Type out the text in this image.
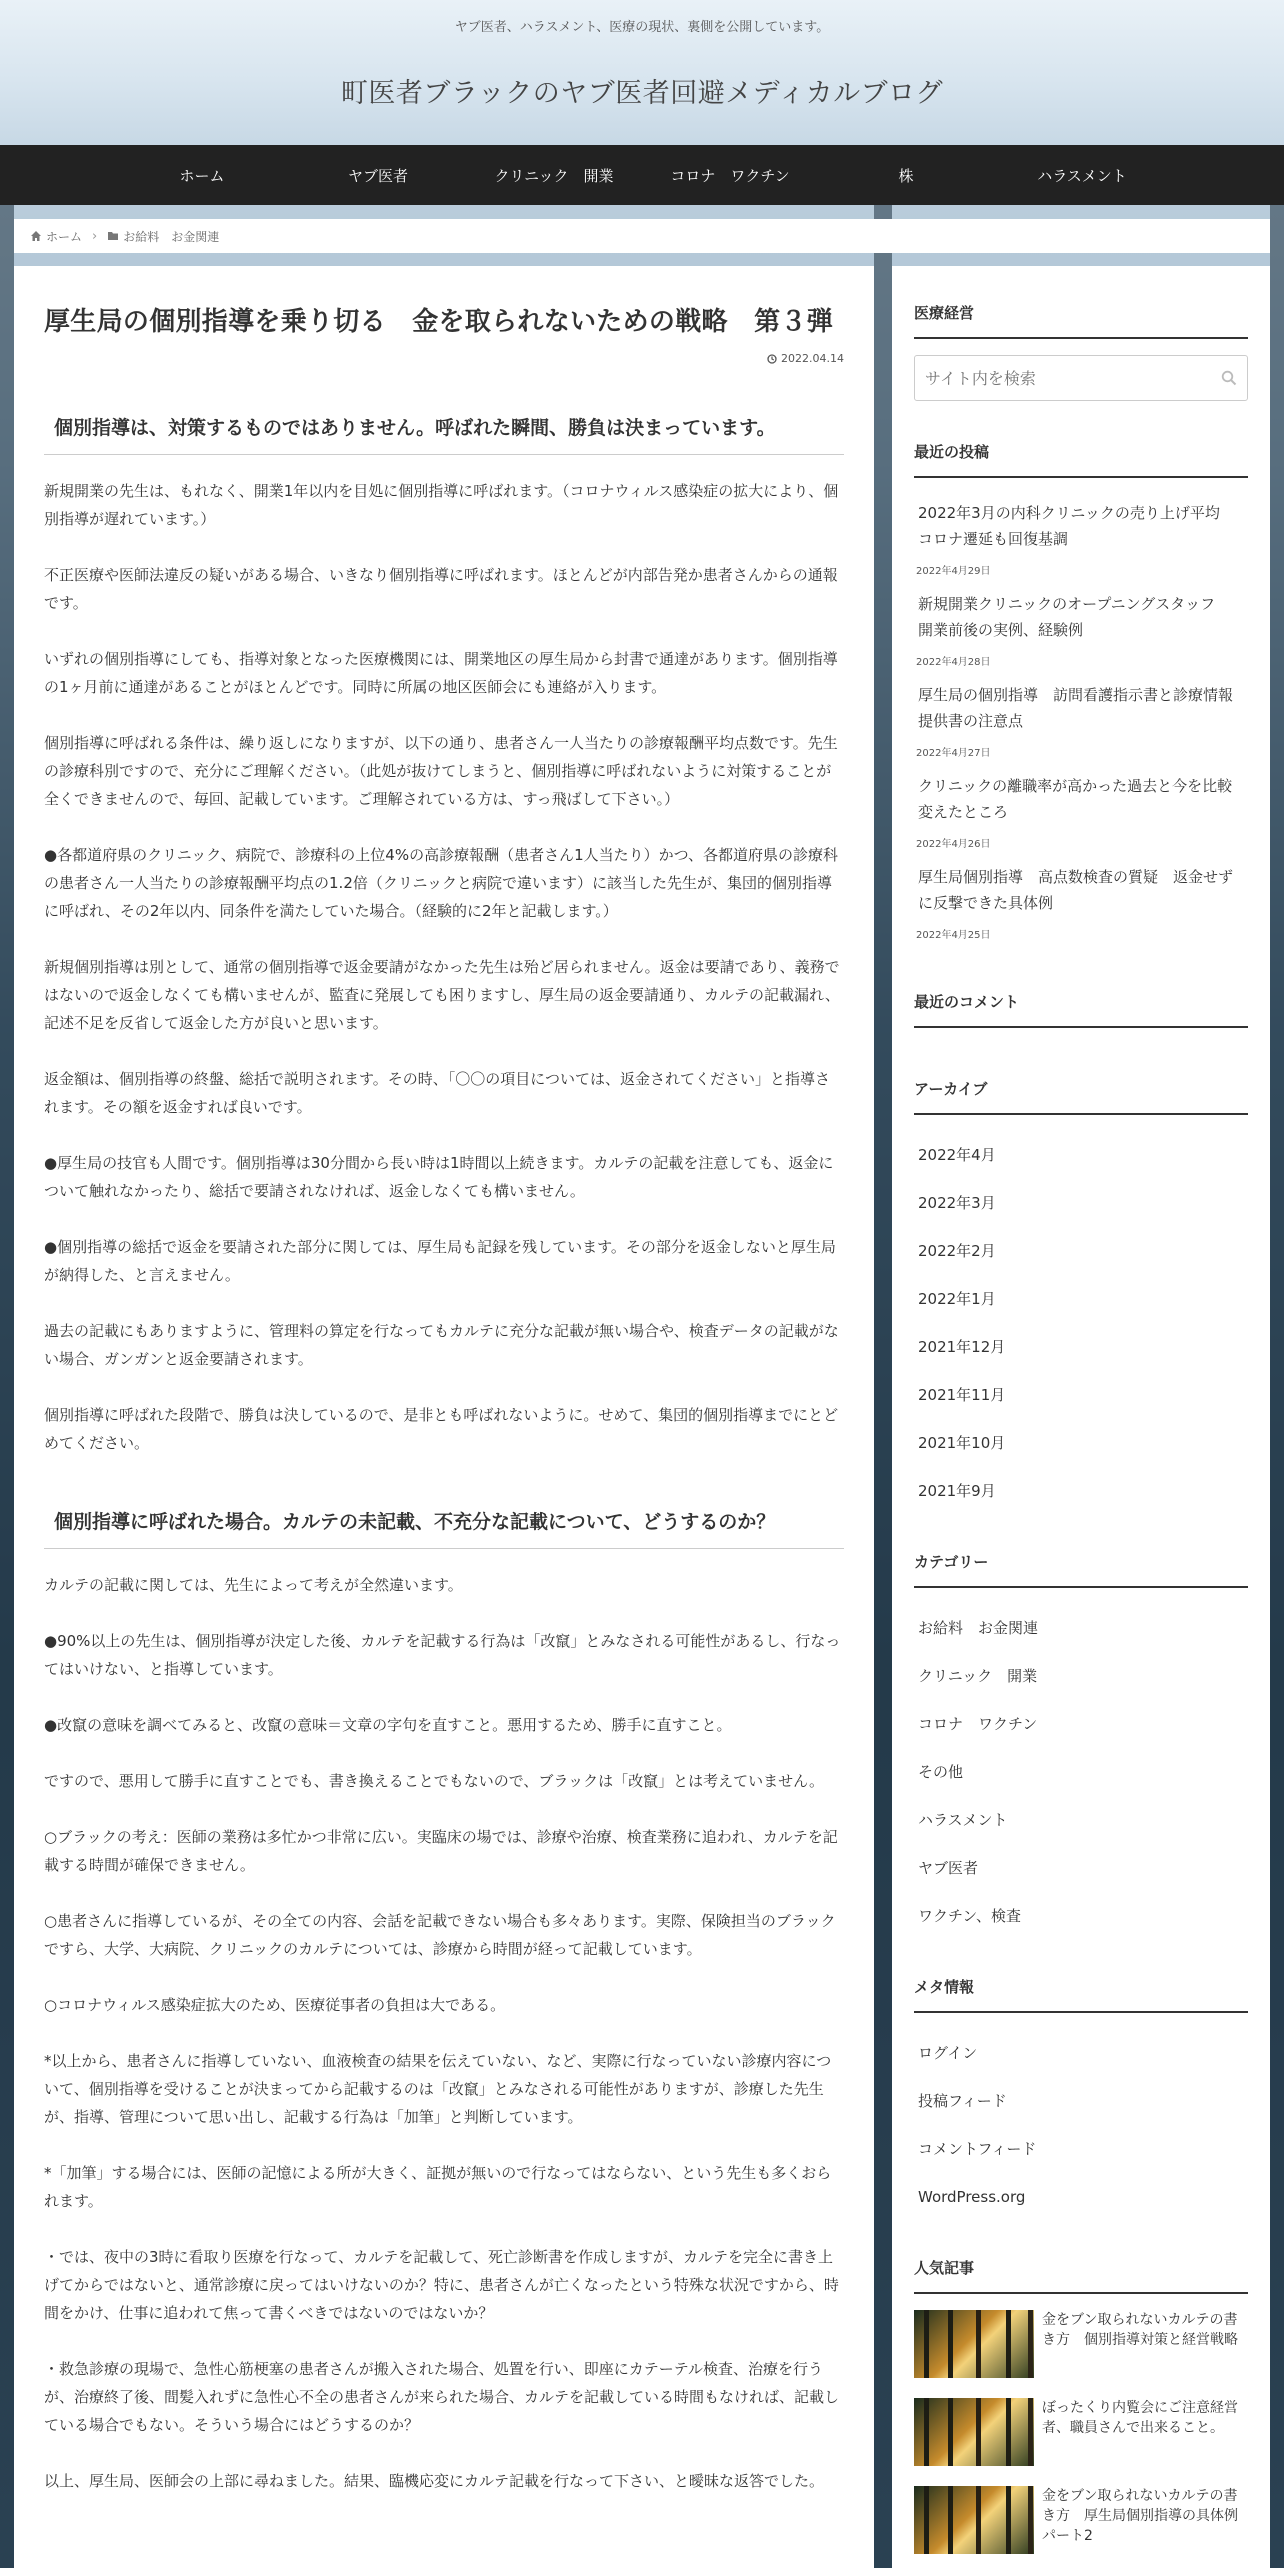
ヤブ医者、ハラスメント、医療の現状、裏側を公開しています。
町医者ブラックのヤブ医者回避メディカルブログ
ホーム	ヤブ医者	クリニック　開業	コロナ　ワクチン	株	ハラスメント
ホーム › お給料　お金関連
厚生局の個別指導を乗り切る　金を取られないための戦略　第３弾
2022.04.14
個別指導は、対策するものではありません。呼ばれた瞬間、勝負は決まっています。

新規開業の先生は、もれなく、開業1年以内を目処に個別指導に呼ばれます。（コロナウィルス感染症の拡大により、個別指導が遅れています。）

不正医療や医師法違反の疑いがある場合、いきなり個別指導に呼ばれます。ほとんどが内部告発か患者さんからの通報です。

いずれの個別指導にしても、指導対象となった医療機関には、開業地区の厚生局から封書で通達があります。個別指導の1ヶ月前に通達があることがほとんどです。同時に所属の地区医師会にも連絡が入ります。

個別指導に呼ばれる条件は、繰り返しになりますが、以下の通り、患者さん一人当たりの診療報酬平均点数です。先生の診療科別ですので、充分にご理解ください。（此処が抜けてしまうと、個別指導に呼ばれないように対策することが全くできませんので、毎回、記載しています。ご理解されている方は、すっ飛ばして下さい。）

●各都道府県のクリニック、病院で、診療科の上位4%の高診療報酬（患者さん1人当たり）かつ、各都道府県の診療科の患者さん一人当たりの診療報酬平均点の1.2倍（クリニックと病院で違います）に該当した先生が、集団的個別指導に呼ばれ、その2年以内、同条件を満たしていた場合。（経験的に2年と記載します。）

新規個別指導は別として、通常の個別指導で返金要請がなかった先生は殆ど居られません。返金は要請であり、義務ではないので返金しなくても構いませんが、監査に発展しても困りますし、厚生局の返金要請通り、カルテの記載漏れ、記述不足を反省して返金した方が良いと思います。

返金額は、個別指導の終盤、総括で説明されます。その時、「〇〇の項目については、返金されてください」と指導されます。その額を返金すれば良いです。

●厚生局の技官も人間です。個別指導は30分間から長い時は1時間以上続きます。カルテの記載を注意しても、返金について触れなかったり、総括で要請されなければ、返金しなくても構いません。

●個別指導の総括で返金を要請された部分に関しては、厚生局も記録を残しています。その部分を返金しないと厚生局が納得した、と言えません。

過去の記載にもありますように、管理料の算定を行なってもカルテに充分な記載が無い場合や、検査データの記載がない場合、ガンガンと返金要請されます。

個別指導に呼ばれた段階で、勝負は決しているので、是非とも呼ばれないように。せめて、集団的個別指導までにとどめてください。

個別指導に呼ばれた場合。カルテの未記載、不充分な記載について、どうするのか？

カルテの記載に関しては、先生によって考えが全然違います。

●90%以上の先生は、個別指導が決定した後、カルテを記載する行為は「改竄」とみなされる可能性があるし、行なってはいけない、と指導しています。

●改竄の意味を調べてみると、改竄の意味＝文章の字句を直すこと。悪用するため、勝手に直すこと。

ですので、悪用して勝手に直すことでも、書き換えることでもないので、ブラックは「改竄」とは考えていません。

○ブラックの考え：医師の業務は多忙かつ非常に広い。実臨床の場では、診療や治療、検査業務に追われ、カルテを記載する時間が確保できません。

○患者さんに指導しているが、その全ての内容、会話を記載できない場合も多々あります。実際、保険担当のブラックですら、大学、大病院、クリニックのカルテについては、診療から時間が経って記載しています。

○コロナウィルス感染症拡大のため、医療従事者の負担は大である。

*以上から、患者さんに指導していない、血液検査の結果を伝えていない、など、実際に行なっていない診療内容について、個別指導を受けることが決まってから記載するのは「改竄」とみなされる可能性がありますが、診療した先生が、指導、管理について思い出し、記載する行為は「加筆」と判断しています。

*「加筆」する場合には、医師の記憶による所が大きく、証拠が無いので行なってはならない、という先生も多くおられます。

・では、夜中の3時に看取り医療を行なって、カルテを記載して、死亡診断書を作成しますが、カルテを完全に書き上げてからではないと、通常診療に戻ってはいけないのか？特に、患者さんが亡くなったという特殊な状況ですから、時間をかけ、仕事に追われて焦って書くべきではないのではないか？

・救急診療の現場で、急性心筋梗塞の患者さんが搬入された場合、処置を行い、即座にカテーテル検査、治療を行うが、治療終了後、間髪入れずに急性心不全の患者さんが来られた場合、カルテを記載している時間もなければ、記載している場合でもない。そういう場合にはどうするのか？

以上、厚生局、医師会の上部に尋ねました。結果、臨機応変にカルテ記載を行なって下さい、と曖昧な返答でした。

医療経営
サイト内を検索
最近の投稿
2022年3月の内科クリニックの売り上げ平均　コロナ遷延も回復基調
2022年4月29日
新規開業クリニックのオープニングスタッフ　開業前後の実例、経験例
2022年4月28日
厚生局の個別指導　訪問看護指示書と診療情報提供書の注意点
2022年4月27日
クリニックの離職率が高かった過去と今を比較　変えたところ
2022年4月26日
厚生局個別指導　高点数検査の質疑　返金せずに反撃できた具体例
2022年4月25日
最近のコメント
アーカイブ
2022年4月
2022年3月
2022年2月
2022年1月
2021年12月
2021年11月
2021年10月
2021年9月
カテゴリー
お給料　お金関連
クリニック　開業
コロナ　ワクチン
その他
ハラスメント
ヤブ医者
ワクチン、検査
メタ情報
ログイン
投稿フィード
コメントフィード
WordPress.org
人気記事
金をブン取られないカルテの書き方　個別指導対策と経営戦略
ぼったくり内覧会にご注意経営者、職員さんで出来ること。
金をブン取られないカルテの書き方　厚生局個別指導の具体例パート2
